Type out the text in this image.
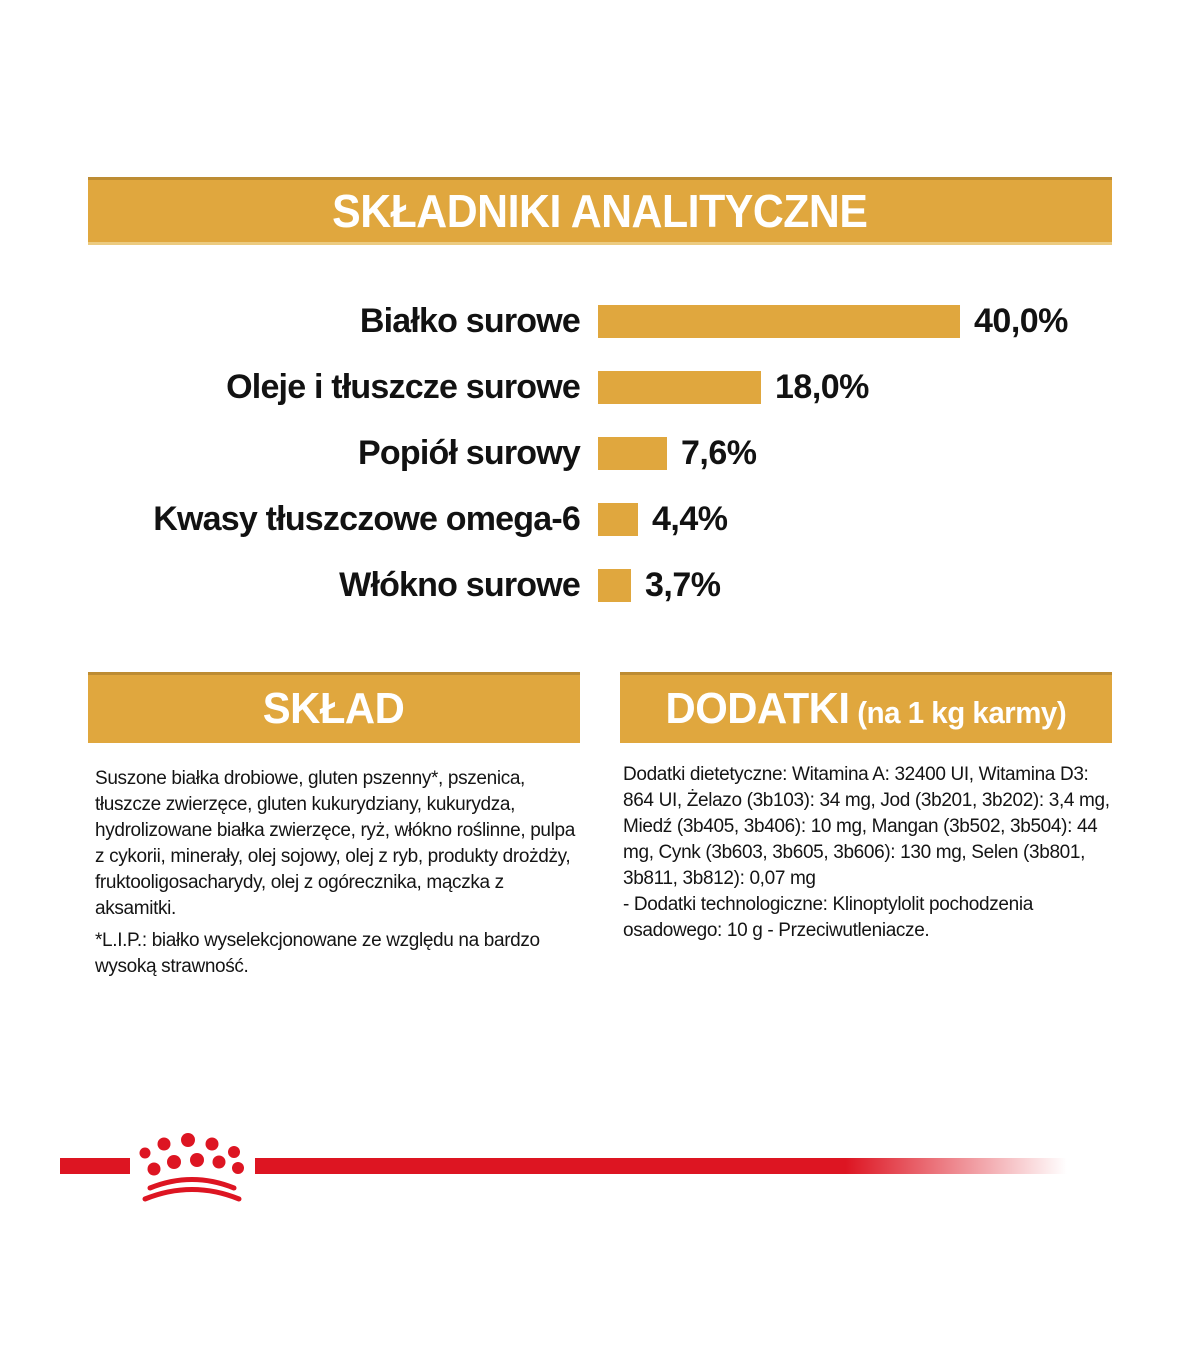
SKŁADNIKI ANALITYCZNE
Białko surowe	40,0%
Oleje i tłuszcze surowe	18,0%
Popiół surowy	7,6%
Kwasy tłuszczowe omega-6 4,4%
Włókno surowe 3,7%
SKŁAD	DODATKI (na 1 kg karmy)
Suszone białka drobiowe, gluten pszenny*, pszenica, tłuszcze zwierzęce, gluten kukurydziany, kukurydza, hydrolizowane białka zwierzęce, ryż, włókno roślinne, pulpa z cykorii, minerały, olej sojowy, olej z ryb, produkty drożdży, fruktooligosacharydy, olej z ogórecznika, mączka z aksamitki.
*L.I.P.: białko wyselekcjonowane ze względu na bardzo wysoką strawność.

Dodatki dietetyczne: Witamina A: 32400 UI, Witamina D3: 864 UI, Żelazo (3b103): 34 mg, Jod (3b201, 3b202): 3,4 mg, Miedź (3b405, 3b406): 10 mg, Mangan (3b502, 3b504): 44 mg, Cynk (3b603, 3b605, 3b606): 130 mg, Selen (3b801, 3b811, 3b812): 0,07 mg

- Dodatki technologiczne: Klinoptylolit pochodzenia osadowego: 10 g - Przeciwutleniacze.
